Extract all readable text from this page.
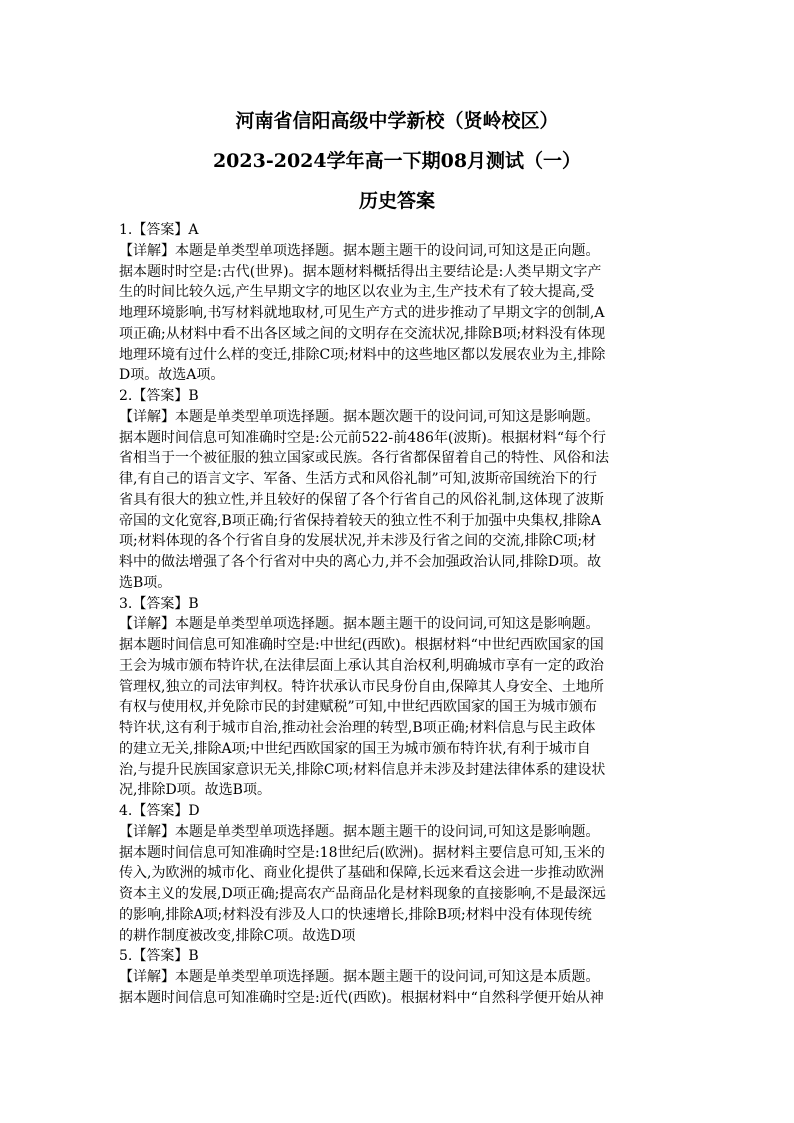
河南省信阳高级中学新校（贤岭校区）
2023-2024学年高一下期08月测试（一）
历史答案
1.【答案】A
【详解】本题是单类型单项选择题。据本题主题干的设问词,可知这是正向题。
据本题时时空是:古代(世界)。据本题材料概括得出主要结论是:人类早期文字产
生的时间比较久远,产生早期文字的地区以农业为主,生产技术有了较大提高,受
地理环境影响,书写材料就地取材,可见生产方式的进步推动了早期文字的创制,A
项正确;从材料中看不出各区域之间的文明存在交流状况,排除B项;材料没有体现
地理环境有过什么样的变迁,排除C项;材料中的这些地区都以发展农业为主,排除
D项。故选A项。
2.【答案】B
【详解】本题是单类型单项选择题。据本题次题干的设问词,可知这是影响题。
据本题时间信息可知准确时空是:公元前522-前486年(波斯)。根据材料“每个行
省相当于一个被征服的独立国家或民族。各行省都保留着自己的特性、风俗和法
律,有自己的语言文字、军备、生活方式和风俗礼制”可知,波斯帝国统治下的行
省具有很大的独立性,并且较好的保留了各个行省自己的风俗礼制,这体现了波斯
帝国的文化宽容,B项正确;行省保持着较天的独立性不利于加强中央集权,排除A
项;材料体现的各个行省自身的发展状况,并未涉及行省之间的交流,排除C项;材
料中的做法增强了各个行省对中央的离心力,并不会加强政治认同,排除D项。故
选B项。
3.【答案】B
【详解】本题是单类型单项选择题。据本题主题干的设问词,可知这是影响题。
据本题时间信息可知准确时空是:中世纪(西欧)。根据材料“中世纪西欧国家的国
王会为城市颁布特许状,在法律层面上承认其自治权利,明确城市享有一定的政治
管理权,独立的司法审判权。特许状承认市民身份自由,保障其人身安全、土地所
有权与使用权,并免除市民的封建赋税”可知,中世纪西欧国家的国王为城市颁布
特许状,这有利于城市自治,推动社会治理的转型,B项正确;材料信息与民主政体
的建立无关,排除A项;中世纪西欧国家的国王为城市颁布特许状,有利于城市自
治,与提升民族国家意识无关,排除C项;材料信息并未涉及封建法律体系的建设状
况,排除D项。故选B项。
4.【答案】D
【详解】本题是单类型单项选择题。据本题主题干的设问词,可知这是影响题。
据本题时间信息可知准确时空是:18世纪后(欧洲)。据材料主要信息可知,玉米的
传入,为欧洲的城市化、商业化提供了基础和保障,长远来看这会进一步推动欧洲
资本主义的发展,D项正确;提高农产品商品化是材料现象的直接影响,不是最深远
的影响,排除A项;材料没有涉及人口的快速增长,排除B项;材料中没有体现传统
的耕作制度被改变,排除C项。故选D项
5.【答案】B
【详解】本题是单类型单项选择题。据本题主题干的设问词,可知这是本质题。
据本题时间信息可知准确时空是:近代(西欧)。根据材料中“自然科学便开始从神
